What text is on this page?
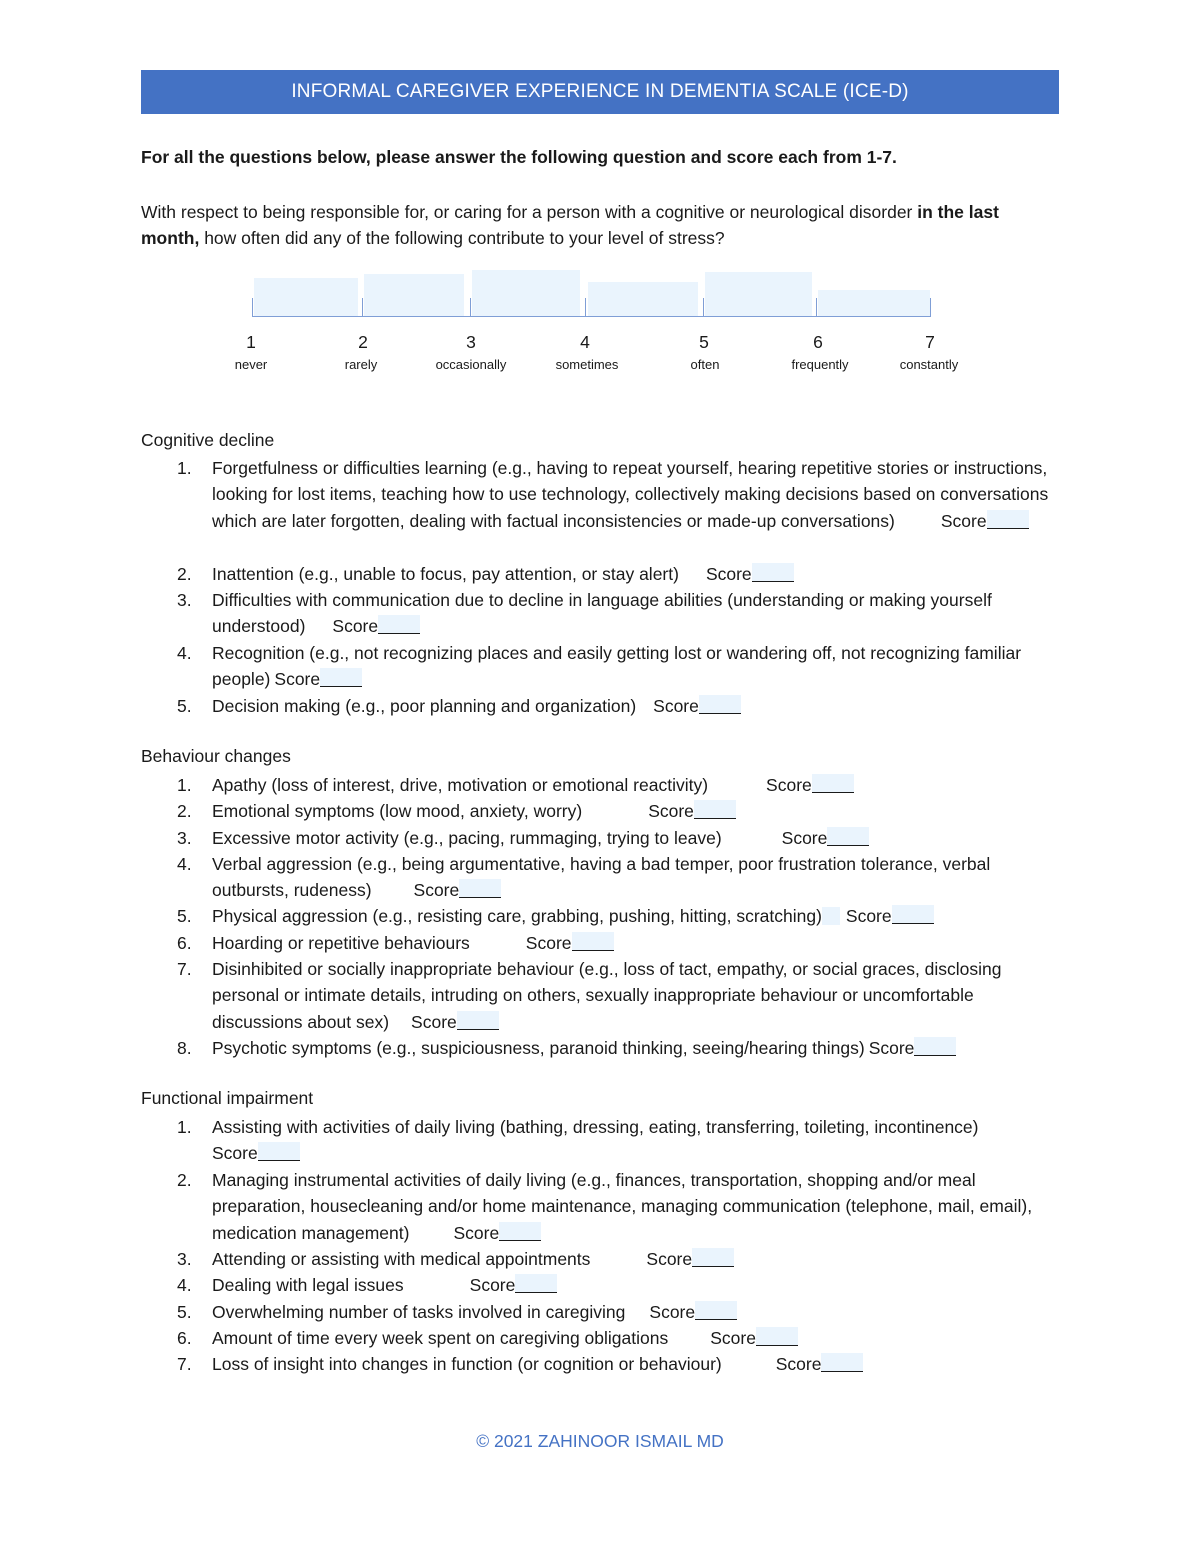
INFORMAL CAREGIVER EXPERIENCE IN DEMENTIA SCALE (ICE-D)
For all the questions below, please answer the following question and score each from 1-7.
With respect to being responsible for, or caring for a person with a cognitive or neurological disorder in the last month, how often did any of the following contribute to your level of stress?
1	2	3	4	5	6	7
never	rarely	occasionally	sometimes	often	frequently	constantly
Cognitive decline
1. Forgetfulness or difficulties learning (e.g., having to repeat yourself, hearing repetitive stories or instructions, looking for lost items, teaching how to use technology, collectively making decisions based on conversations which are later forgotten, dealing with factual inconsistencies or made-up conversations)	Score
2. Inattention (e.g., unable to focus, pay attention, or stay alert) Score
3. Difficulties with communication due to decline in language abilities (understanding or making yourself understood) Score
4. Recognition (e.g., not recognizing places and easily getting lost or wandering off, not recognizing familiar people) Score
5. Decision making (e.g., poor planning and organization) Score
Behaviour changes
1. Apathy (loss of interest, drive, motivation or emotional reactivity)	Score
2. Emotional symptoms (low mood, anxiety, worry)	Score
3. Excessive motor activity (e.g., pacing, rummaging, trying to leave)	Score
4. Verbal aggression (e.g., being argumentative, having a bad temper, poor frustration tolerance, verbal outbursts, rudeness) Score
5. Physical aggression (e.g., resisting care, grabbing, pushing, hitting, scratching) Score
6. Hoarding or repetitive behaviours	Score
7. Disinhibited or socially inappropriate behaviour (e.g., loss of tact, empathy, or social graces, disclosing personal or intimate details, intruding on others, sexually inappropriate behaviour or uncomfortable discussions about sex) Score
8. Psychotic symptoms (e.g., suspiciousness, paranoid thinking, seeing/hearing things) Score
Functional impairment
1. Assisting with activities of daily living (bathing, dressing, eating, transferring, toileting, incontinence)Score
2. Managing instrumental activities of daily living (e.g., finances, transportation, shopping and/or meal preparation, housecleaning and/or home maintenance, managing communication (telephone, mail, email), medication management)	Score
3. Attending or assisting with medical appointments	Score
4. Dealing with legal issues	Score
5. Overwhelming number of tasks involved in caregiving Score
6. Amount of time every week spent on caregiving obligations Score
7. Loss of insight into changes in function (or cognition or behaviour)	Score
© 2021 ZAHINOOR ISMAIL MD
